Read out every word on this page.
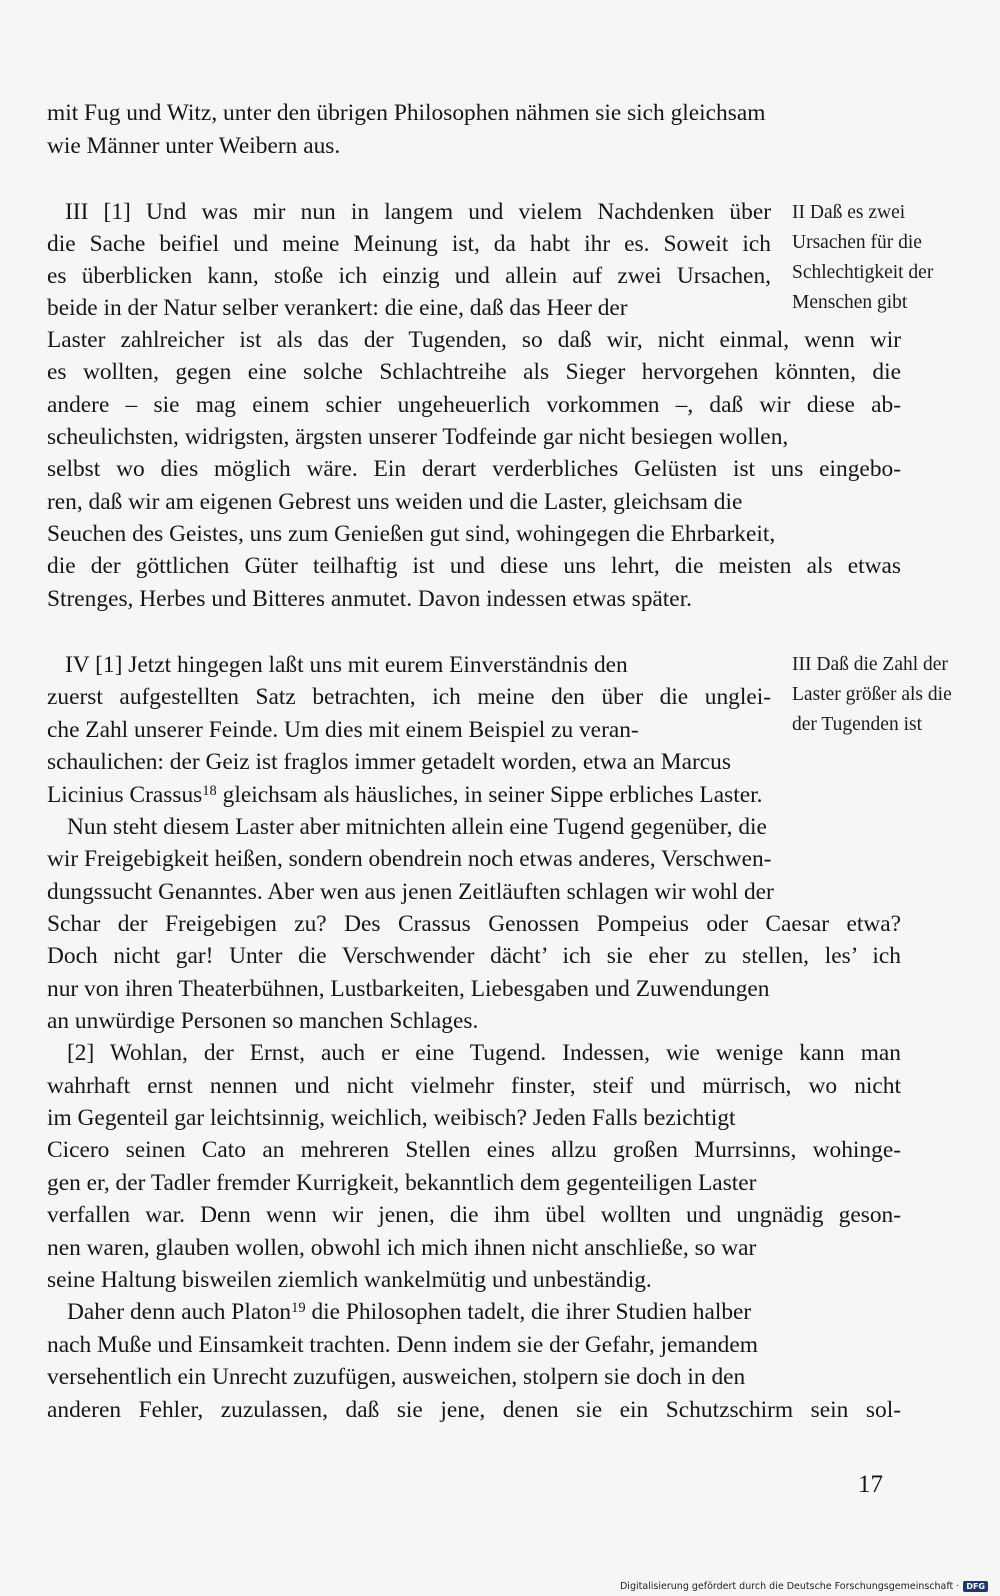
mit Fug und Witz, unter den übrigen Philosophen nähmen sie sich gleichsam
wie Männer unter Weibern aus.
III [1] Und was mir nun in langem und vielem Nachdenken über
die Sache beifiel und meine Meinung ist, da habt ihr es. Soweit ich
es überblicken kann, stoße ich einzig und allein auf zwei Ursachen,
beide in der Natur selber verankert: die eine, daß das Heer der
Laster zahlreicher ist als das der Tugenden, so daß wir, nicht einmal, wenn wir
es wollten, gegen eine solche Schlachtreihe als Sieger hervorgehen könnten, die
andere – sie mag einem schier ungeheuerlich vorkommen –, daß wir diese ab-
scheulichsten, widrigsten, ärgsten unserer Todfeinde gar nicht besiegen wollen,
selbst wo dies möglich wäre. Ein derart verderbliches Gelüsten ist uns eingebo-
ren, daß wir am eigenen Gebrest uns weiden und die Laster, gleichsam die
Seuchen des Geistes, uns zum Genießen gut sind, wohingegen die Ehrbarkeit,
die der göttlichen Güter teilhaftig ist und diese uns lehrt, die meisten als etwas
Strenges, Herbes und Bitteres anmutet. Davon indessen etwas später.
IV [1] Jetzt hingegen laßt uns mit eurem Einverständnis den
zuerst aufgestellten Satz betrachten, ich meine den über die unglei-
che Zahl unserer Feinde. Um dies mit einem Beispiel zu veran-
schaulichen: der Geiz ist fraglos immer getadelt worden, etwa an Marcus
Licinius Crassus$^{18}$ gleichsam als häusliches, in seiner Sippe erbliches Laster.
Nun steht diesem Laster aber mitnichten allein eine Tugend gegenüber, die
wir Freigebigkeit heißen, sondern obendrein noch etwas anderes, Verschwen-
dungssucht Genanntes. Aber wen aus jenen Zeitläuften schlagen wir wohl der
Schar der Freigebigen zu? Des Crassus Genossen Pompeius oder Caesar etwa?
Doch nicht gar! Unter die Verschwender dächt’ ich sie eher zu stellen, les’ ich
nur von ihren Theaterbühnen, Lustbarkeiten, Liebesgaben und Zuwendungen
an unwürdige Personen so manchen Schlages.
[2] Wohlan, der Ernst, auch er eine Tugend. Indessen, wie wenige kann man
wahrhaft ernst nennen und nicht vielmehr finster, steif und mürrisch, wo nicht
im Gegenteil gar leichtsinnig, weichlich, weibisch? Jeden Falls bezichtigt
Cicero seinen Cato an mehreren Stellen eines allzu großen Murrsinns, wohinge-
gen er, der Tadler fremder Kurrigkeit, bekanntlich dem gegenteiligen Laster
verfallen war. Denn wenn wir jenen, die ihm übel wollten und ungnädig geson-
nen waren, glauben wollen, obwohl ich mich ihnen nicht anschließe, so war
seine Haltung bisweilen ziemlich wankelmütig und unbeständig.
Daher denn auch Platon$^{19}$ die Philosophen tadelt, die ihrer Studien halber
nach Muße und Einsamkeit trachten. Denn indem sie der Gefahr, jemandem
versehentlich ein Unrecht zuzufügen, ausweichen, stolpern sie doch in den
anderen Fehler, zuzulassen, daß sie jene, denen sie ein Schutzschirm sein sol-
II Daß es zwei
Ursachen für die
Schlechtigkeit der
Menschen gibt
III Daß die Zahl der
Laster größer als die
der Tugenden ist
17
Digitalisierung gefördert durch die Deutsche Forschungsgemeinschaft · DFG
